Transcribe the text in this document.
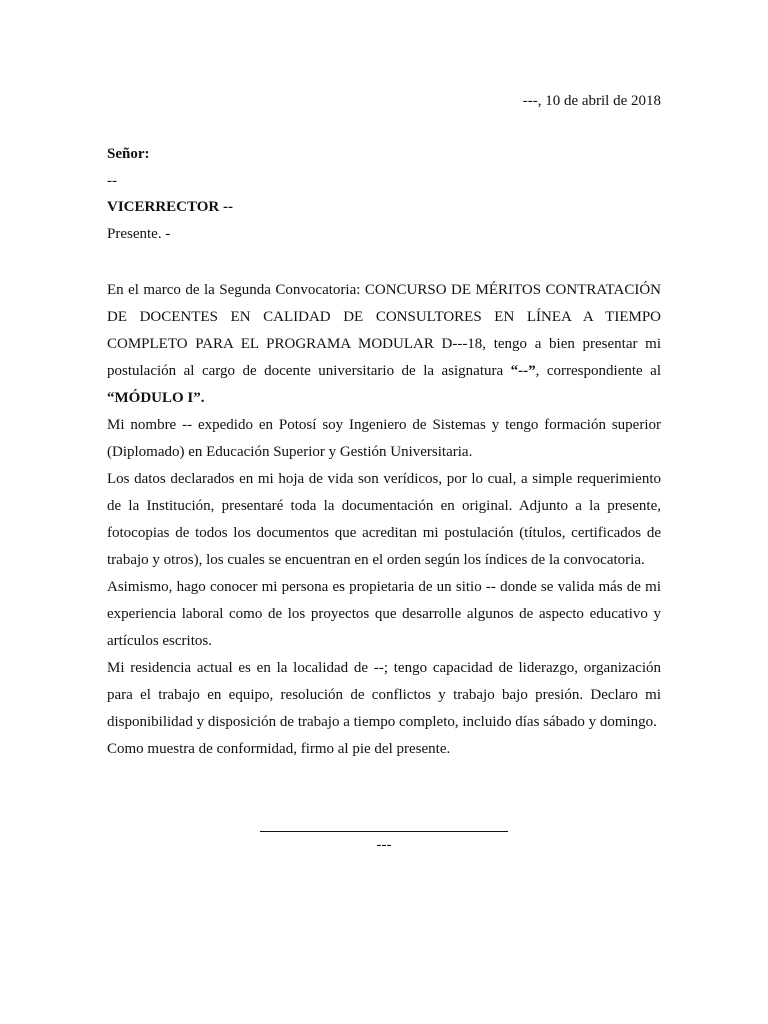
---, 10 de abril de 2018
Señor:
--
VICERRECTOR --
Presente. -

En el marco de la Segunda Convocatoria: CONCURSO DE MÉRITOS CONTRATACIÓN DE DOCENTES EN CALIDAD DE CONSULTORES EN LÍNEA A TIEMPO COMPLETO PARA EL PROGRAMA MODULAR D---18, tengo a bien presentar mi postulación al cargo de docente universitario de la asignatura “--”, correspondiente al “MÓDULO I”.

Mi nombre -- expedido en Potosí soy Ingeniero de Sistemas y tengo formación superior (Diplomado) en Educación Superior y Gestión Universitaria.

Los datos declarados en mi hoja de vida son verídicos, por lo cual, a simple requerimiento de la Institución, presentaré toda la documentación en original. Adjunto a la presente, fotocopias de todos los documentos que acreditan mi postulación (títulos, certificados de trabajo y otros), los cuales se encuentran en el orden según los índices de la convocatoria.

Asimismo, hago conocer mi persona es propietaria de un sitio -- donde se valida más de mi experiencia laboral como de los proyectos que desarrolle algunos de aspecto educativo y artículos escritos.

Mi residencia actual es en la localidad de --; tengo capacidad de liderazgo, organización para el trabajo en equipo, resolución de conflictos y trabajo bajo presión. Declaro mi disponibilidad y disposición de trabajo a tiempo completo, incluido días sábado y domingo.

Como muestra de conformidad, firmo al pie del presente.

---
